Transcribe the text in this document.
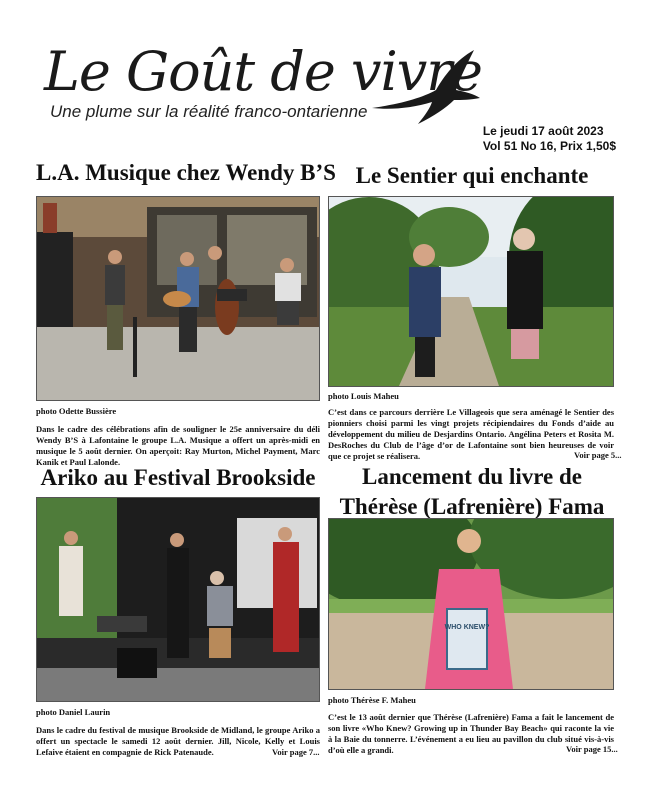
Le Goût de vivre
Une plume sur la réalité franco-ontarienne
Le jeudi 17 août 2023
Vol 51 No 16, Prix 1,50$
L.A. Musique chez Wendy B’S
photo Odette Bussière
Dans le cadre des célébrations afin de souligner le 25e anniversaire du déli Wendy B’S à Lafontaine le groupe L.A. Musique a offert un après-midi en musique le 5 août dernier. On aperçoit: Ray Murton, Michel Payment, Marc Kanik et Paul Lalonde.
Le Sentier qui enchante
photo Louis Maheu
C’est dans ce parcours derrière Le Villageois que sera aménagé le Sentier des pionniers choisi parmi les vingt projets récipiendaires du Fonds d’aide au développement du milieu de Desjardins Ontario. Angélina Peters et Rosita M. DesRoches du Club de l’âge d’or de Lafontaine sont bien heureuses de voir que ce projet se réalisera.	Voir page 5...
Ariko au Festival Brookside
photo Daniel Laurin
Dans le cadre du festival de musique Brookside de Midland, le groupe Ariko a offert un spectacle le samedi 12 août dernier. Jill, Nicole, Kelly et Louis Lefaive étaient en compagnie de Rick Patenaude.	Voir page 7...
Lancement du livre de
Thérèse (Lafrenière) Fama
WHO KNEW?
photo Thérèse F. Maheu
C’est le 13 août dernier que Thérèse (Lafrenière) Fama a fait le lancement de son livre «Who Knew? Growing up in Thunder Bay Beach» qui raconte la vie à la Baie du tonnerre. L’événement a eu lieu au pavillon du club situé vis-à-vis d’où elle a grandi.	Voir page 15...
